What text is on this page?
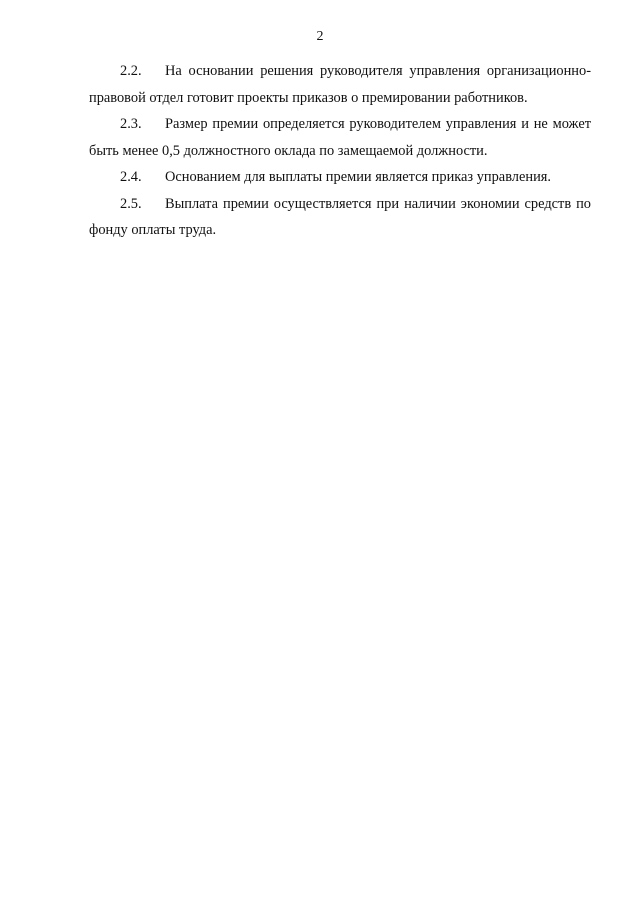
2

2.2. На основании решения руководителя управления организационно-правовой отдел готовит проекты приказов о премировании работников.

2.3. Размер премии определяется руководителем управления и не может быть менее 0,5 должностного оклада по замещаемой должности.

2.4. Основанием для выплаты премии является приказ управления.

2.5. Выплата премии осуществляется при наличии экономии средств по фонду оплаты труда.
